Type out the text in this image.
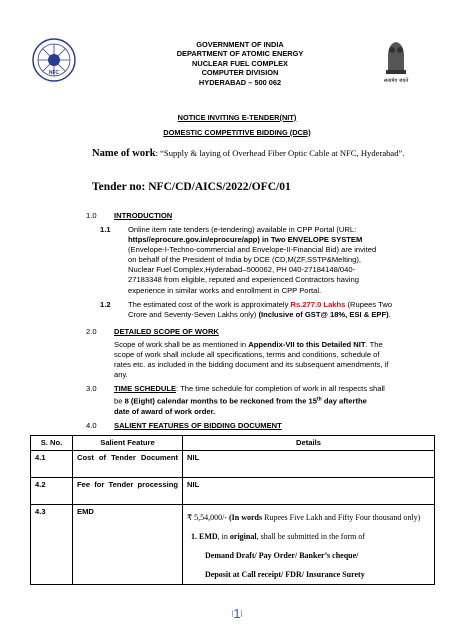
NFC
GOVERNMENT OF INDIA
DEPARTMENT OF ATOMIC ENERGY
NUCLEAR FUEL COMPLEX
COMPUTER DIVISION
HYDERABAD – 500 062	सत्यमेव जयते
NOTICE INVITING E-TENDER(NIT)
DOMESTIC COMPETITIVE BIDDING (DCB)
Name of work: “Supply & laying of Overhead Fiber Optic Cable at NFC, Hyderabad”.
Tender no: NFC/CD/AICS/2022/OFC/01
1.0 INTRODUCTION
1.1 Online item rate tenders (e-tendering) available in CPP Portal (URL:
https//eprocure.gov.in/eprocure/app) in Two ENVELOPE SYSTEM
(Envelope-I-Techno-commercial and Envelope-II-Financial Bid) are invited
on behalf of the President of India by DCE (CD,M(ZF,SSTP&Melting),
Nuclear Fuel Complex,Hyderabad–500062, PH 040-27184148/040-
27183348 from eligible, reputed and experienced Contractors having
experience in similar works and enrollment in CPP Portal.
1.2 The estimated cost of the work is approximately Rs.277.0 Lakhs (Rupees Two
Crore and Seventy-Seven Lakhs only) (Inclusive of GST@ 18%, ESI & EPF).
2.0 DETAILED SCOPE OF WORK
Scope of work shall be as mentioned in Appendix-VII to this Detailed NIT. The
scope of work shall include all specifications, terms and conditions, schedule of
rates etc. as included in the bidding document and its subsequent amendments, if
any.
3.0 TIME SCHEDULE: The time schedule for completion of work in all respects shall
be 8 (Eight) calendar months to be reckoned from the 15th day afterthe
date of award of work order.
4.0 SALIENT FEATURES OF BIDDING DOCUMENT
S. No.	Salient Feature	Details
4.1	Cost of Tender Document	NIL
4.2	Fee for Tender processing	NIL
4.3	EMD	₹ 5,54,000/- (In words Rupees Five Lakh and Fifty Four thousand only)
1. EMD, in original, shall be submitted in the form of
Demand Draft/ Pay Order/ Banker’s cheque/
Deposit at Call receipt/ FDR/ Insurance Surety
[1]
